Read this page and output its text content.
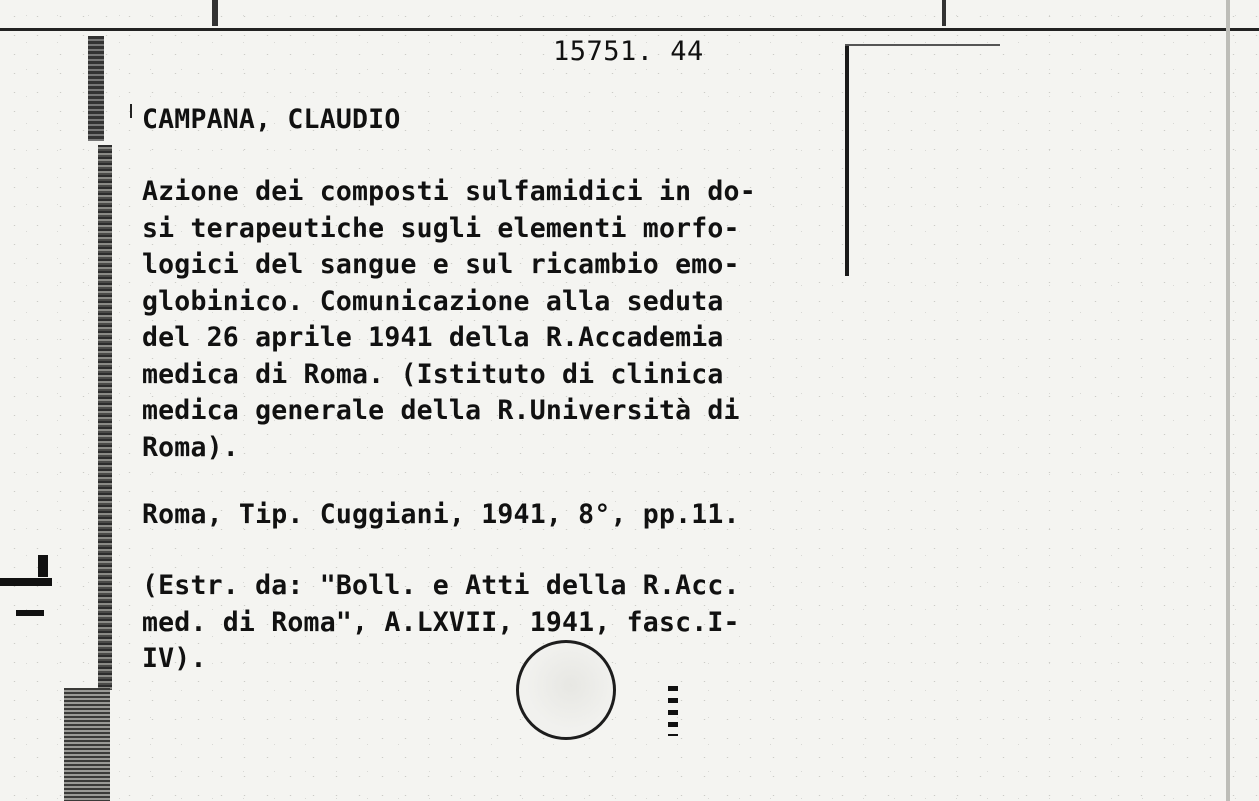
15751. 44
CAMPANA, CLAUDIO
Azione dei composti sulfamidici in do-
si terapeutiche sugli elementi morfo-
logici del sangue e sul ricambio emo-
globinico. Comunicazione alla seduta
del 26 aprile 1941 della R.Accademia
medica di Roma. (Istituto di clinica
medica generale della R.Università di
Roma).
Roma, Tip. Cuggiani, 1941, 8°, pp.11.
(Estr. da: "Boll. e Atti della R.Acc.
med. di Roma", A.LXVII, 1941, fasc.I-
IV).
